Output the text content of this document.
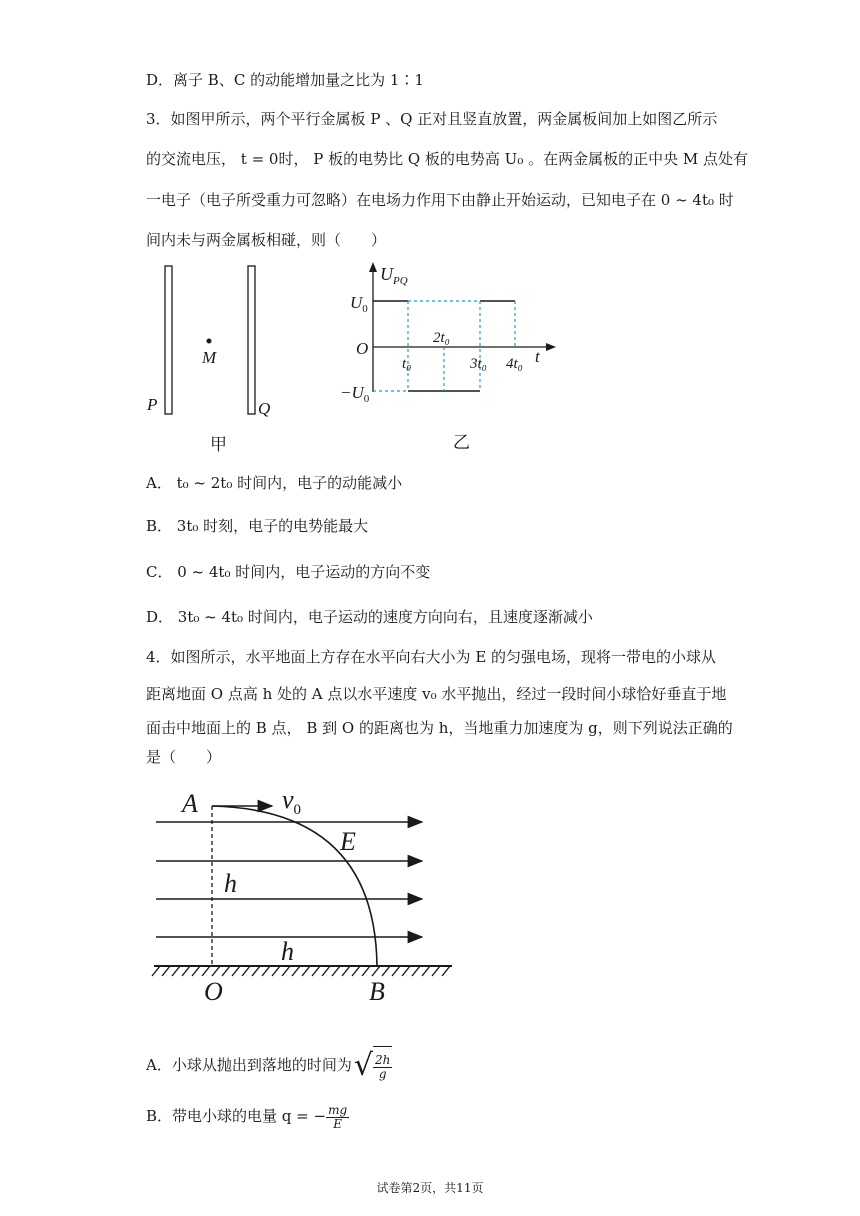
D．离子 B、C 的动能增加量之比为 1∶1
3．如图甲所示，两个平行金属板 P 、Q 正对且竖直放置，两金属板间加上如图乙所示
的交流电压， t = 0时， P 板的电势比 Q 板的电势高 U₀ 。在两金属板的正中央 M 点处有
一电子（电子所受重力可忽略）在电场力作用下由静止开始运动，已知电子在 0 ~ 4t₀ 时
间内未与两金属板相碰，则（　　）
M
P	Q
甲
$U_{PQ}$
$U_0$
O
$-U_0$
t₀
2t₀
3t₀ 4t₀ t
乙
A． t₀ ~ 2t₀ 时间内，电子的动能减小
B． 3t₀ 时刻，电子的电势能最大
C． 0 ~ 4t₀ 时间内，电子运动的方向不变
D． 3t₀ ~ 4t₀ 时间内，电子运动的速度方向向右，且速度逐渐减小
4．如图所示，水平地面上方存在水平向右大小为 E 的匀强电场，现将一带电的小球从
距离地面 O 点高 h 处的 A 点以水平速度 v₀ 水平抛出，经过一段时间小球恰好垂直于地
面击中地面上的 B 点， B 到 O 的距离也为 h，当地重力加速度为 g，则下列说法正确的
是（　　）
A	$v_0$
E
h
h
O	B
A．小球从抛出到落地的时间为√ $\frac{2h}{g}$
B．带电小球的电量 q = − $\frac{mg}{E}$
试卷第2页，共11页
